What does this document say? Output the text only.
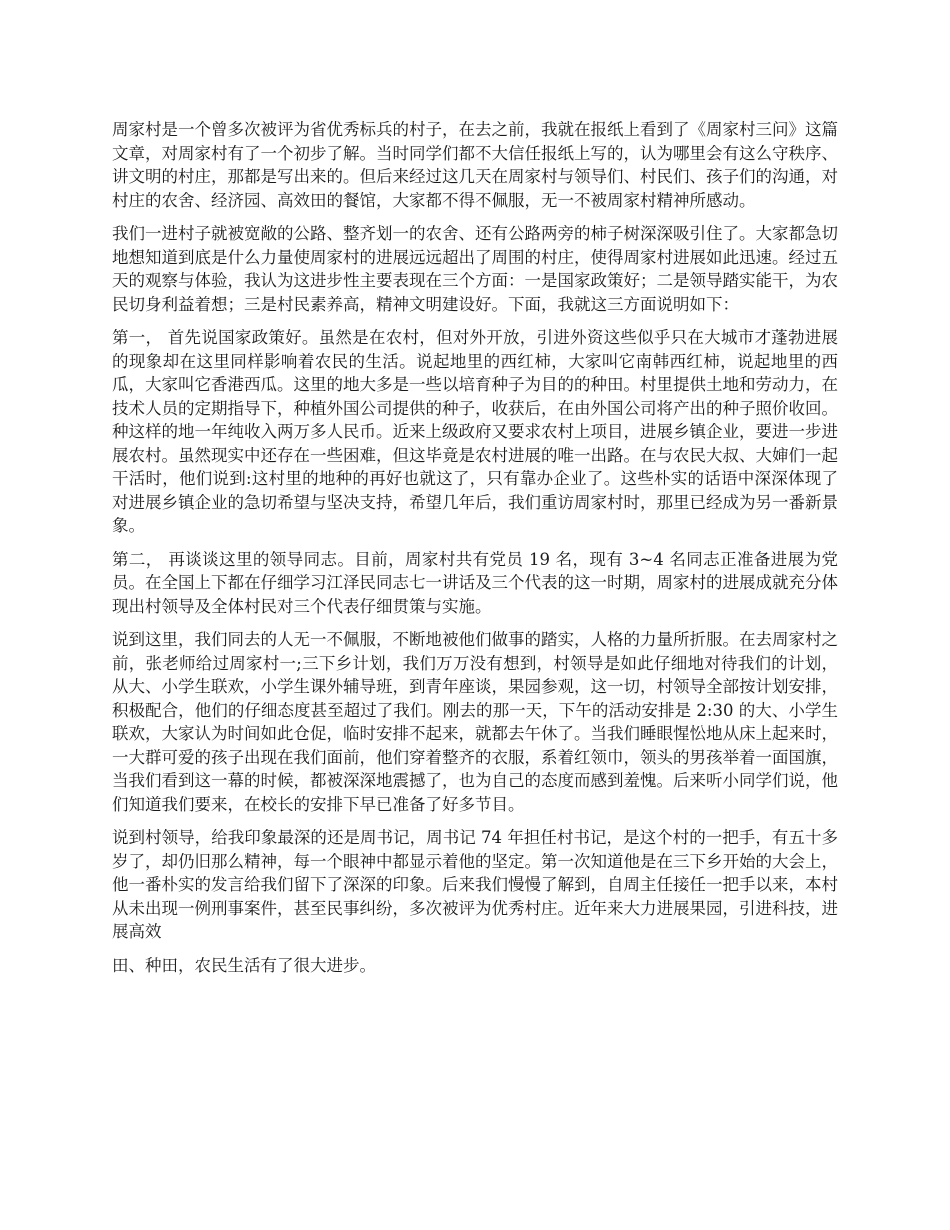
周家村是一个曾多次被评为省优秀标兵的村子，在去之前，我就在报纸上看到了《周家村三问》这篇文章，对周家村有了一个初步了解。当时同学们都不大信任报纸上写的，认为哪里会有这么守秩序、讲文明的村庄，那都是写出来的。但后来经过这几天在周家村与领导们、村民们、孩子们的沟通，对村庄的农舍、经济园、高效田的餐馆，大家都不得不佩服，无一不被周家村精神所感动。

我们一进村子就被宽敞的公路、整齐划一的农舍、还有公路两旁的柿子树深深吸引住了。大家都急切地想知道到底是什么力量使周家村的进展远远超出了周围的村庄，使得周家村进展如此迅速。经过五天的观察与体验，我认为这进步性主要表现在三个方面：一是国家政策好；二是领导踏实能干，为农民切身利益着想；三是村民素养高，精神文明建设好。下面，我就这三方面说明如下：

第一， 首先说国家政策好。虽然是在农村，但对外开放，引进外资这些似乎只在大城市才蓬勃进展的现象却在这里同样影响着农民的生活。说起地里的西红柿，大家叫它南韩西红柿，说起地里的西瓜，大家叫它香港西瓜。这里的地大多是一些以培育种子为目的的种田。村里提供土地和劳动力，在技术人员的定期指导下，种植外国公司提供的种子，收获后，在由外国公司将产出的种子照价收回。种这样的地一年纯收入两万多人民币。近来上级政府又要求农村上项目，进展乡镇企业，要进一步进展农村。虽然现实中还存在一些困难，但这毕竟是农村进展的唯一出路。在与农民大叔、大婶们一起干活时，他们说到:这村里的地种的再好也就这了，只有靠办企业了。这些朴实的话语中深深体现了对进展乡镇企业的急切希望与坚决支持，希望几年后，我们重访周家村时，那里已经成为另一番新景象。

第二， 再谈谈这里的领导同志。目前，周家村共有党员 19 名，现有 3~4 名同志正准备进展为党员。在全国上下都在仔细学习江泽民同志七一讲话及三个代表的这一时期，周家村的进展成就充分体现出村领导及全体村民对三个代表仔细贯策与实施。

说到这里，我们同去的人无一不佩服，不断地被他们做事的踏实，人格的力量所折服。在去周家村之前，张老师给过周家村一;三下乡计划，我们万万没有想到，村领导是如此仔细地对待我们的计划，从大、小学生联欢，小学生课外辅导班，到青年座谈，果园参观，这一切，村领导全部按计划安排，积极配合，他们的仔细态度甚至超过了我们。刚去的那一天，下午的活动安排是 2:30 的大、小学生联欢，大家认为时间如此仓促，临时安排不起来，就都去午休了。当我们睡眼惺忪地从床上起来时，一大群可爱的孩子出现在我们面前，他们穿着整齐的衣服，系着红领巾，领头的男孩举着一面国旗，当我们看到这一幕的时候，都被深深地震撼了，也为自己的态度而感到羞愧。后来听小同学们说，他们知道我们要来，在校长的安排下早已准备了好多节目。

说到村领导，给我印象最深的还是周书记，周书记 74 年担任村书记，是这个村的一把手，有五十多岁了，却仍旧那么精神，每一个眼神中都显示着他的坚定。第一次知道他是在三下乡开始的大会上，他一番朴实的发言给我们留下了深深的印象。后来我们慢慢了解到，自周主任接任一把手以来，本村从未出现一例刑事案件，甚至民事纠纷，多次被评为优秀村庄。近年来大力进展果园，引进科技，进展高效

田、种田，农民生活有了很大进步。
